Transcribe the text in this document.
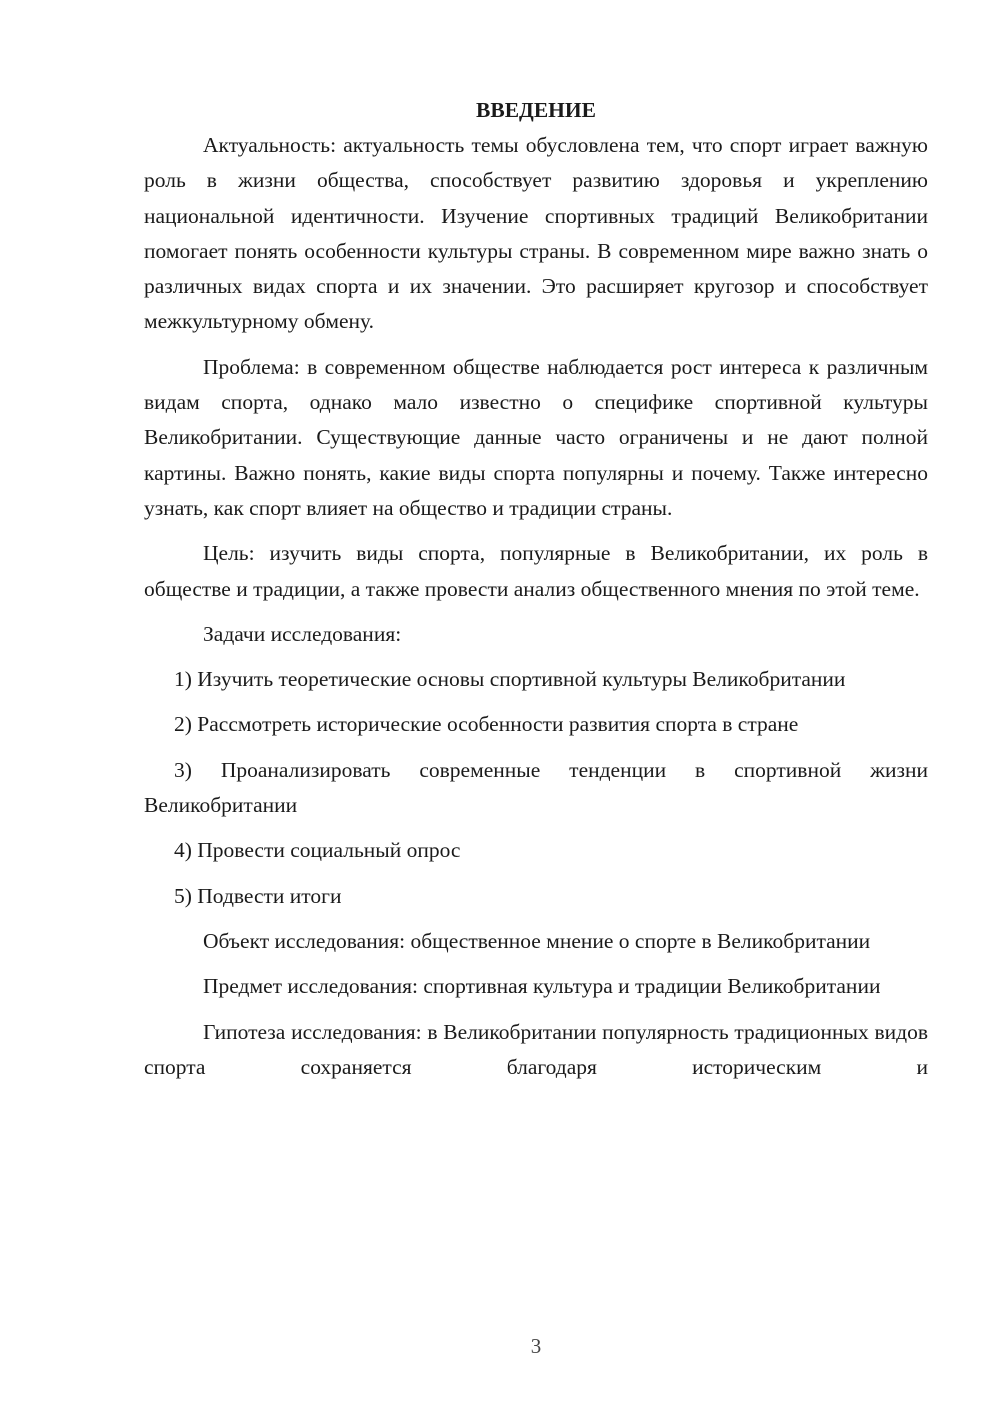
ВВЕДЕНИЕ

Актуальность: актуальность темы обусловлена тем, что спорт играет важную роль в жизни общества, способствует развитию здоровья и укреплению национальной идентичности. Изучение спортивных традиций Великобритании помогает понять особенности культуры страны. В современном мире важно знать о различных видах спорта и их значении. Это расширяет кругозор и способствует межкультурному обмену.

Проблема: в современном обществе наблюдается рост интереса к различным видам спорта, однако мало известно о специфике спортивной культуры Великобритании. Существующие данные часто ограничены и не дают полной картины. Важно понять, какие виды спорта популярны и почему. Также интересно узнать, как спорт влияет на общество и традиции страны.

Цель: изучить виды спорта, популярные в Великобритании, их роль в обществе и традиции, а также провести анализ общественного мнения по этой теме.

Задачи исследования:

1) Изучить теоретические основы спортивной культуры Великобритании

2) Рассмотреть исторические особенности развития спорта в стране

3) Проанализировать современные тенденции в спортивной жизни Великобритании

4) Провести социальный опрос

5) Подвести итоги

Объект исследования: общественное мнение о спорте в Великобритании

Предмет исследования: спортивная культура и традиции Великобритании

Гипотеза исследования: в Великобритании популярность традиционных видов спорта сохраняется благодаря историческим и

3
